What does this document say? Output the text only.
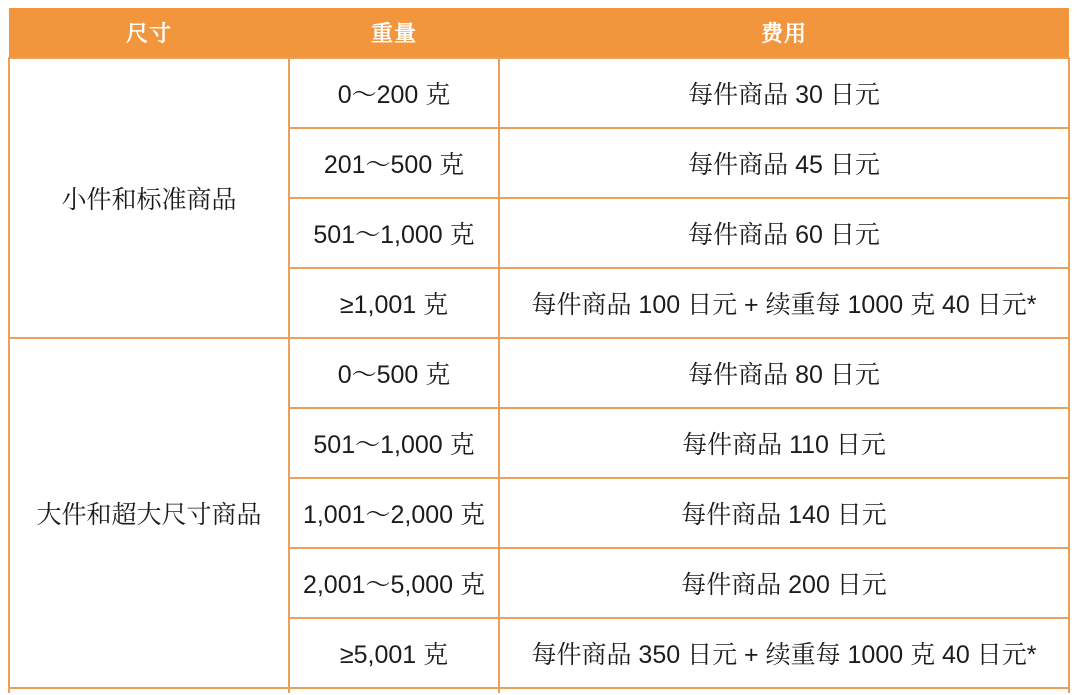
尺寸	重量	费用
小件和标准商品	0～200 克	每件商品 30 日元
	201～500 克	每件商品 45 日元
	501～1,000 克	每件商品 60 日元
	≥1,001 克	每件商品 100 日元 + 续重每 1000 克 40 日元*
大件和超大尺寸商品	0～500 克	每件商品 80 日元
	501～1,000 克	每件商品 110 日元
	1,001～2,000 克	每件商品 140 日元
	2,001～5,000 克	每件商品 200 日元
	≥5,001 克	每件商品 350 日元 + 续重每 1000 克 40 日元*
